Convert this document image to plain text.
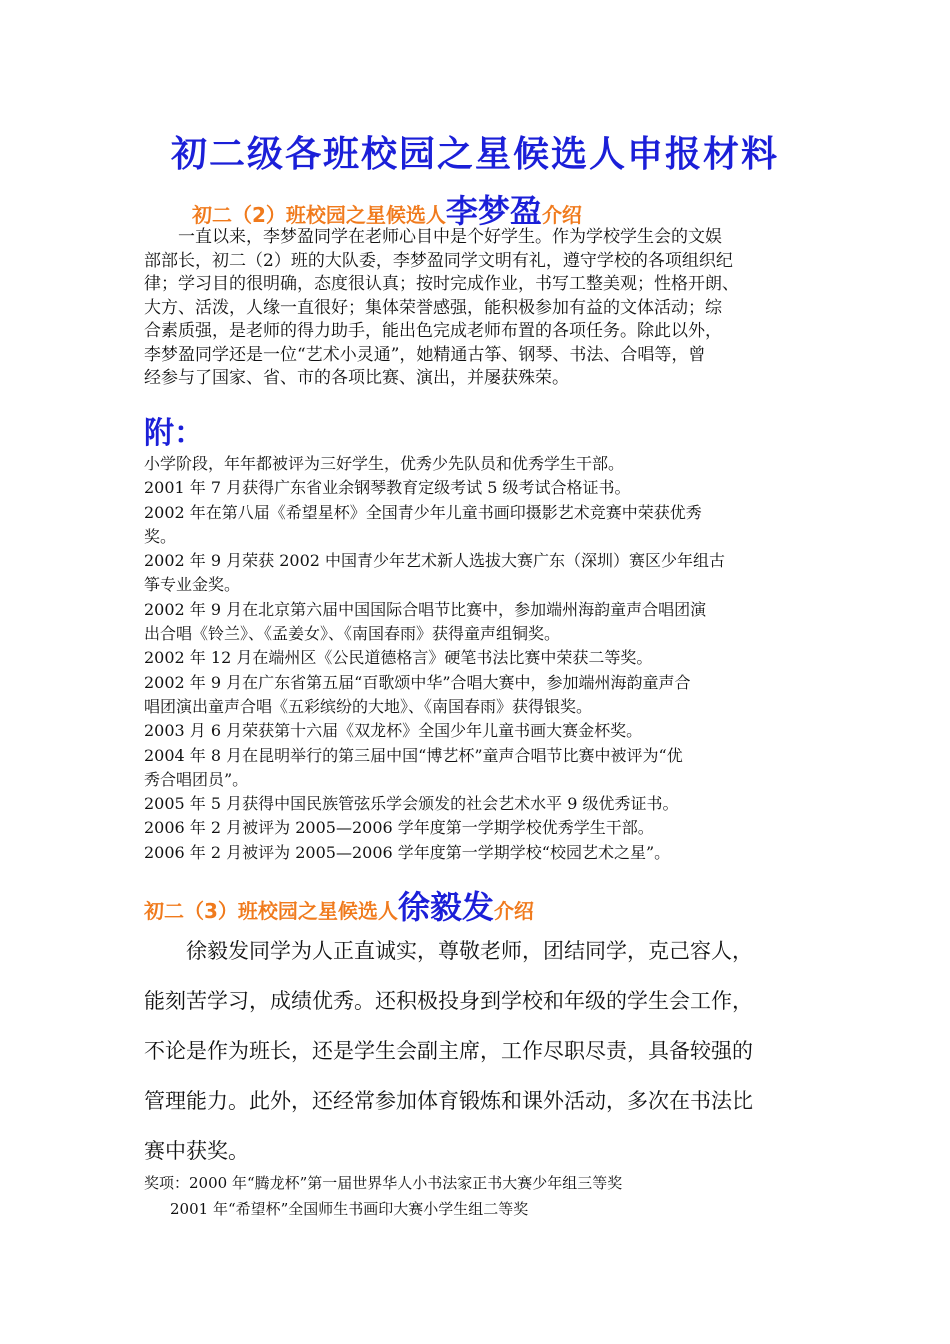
初二级各班校园之星候选人申报材料
初二（2）班校园之星候选人李梦盈介绍
　　一直以来，李梦盈同学在老师心目中是个好学生。作为学校学生会的文娱
部部长，初二（2）班的大队委，李梦盈同学文明有礼，遵守学校的各项组织纪
律；学习目的很明确，态度很认真；按时完成作业，书写工整美观；性格开朗、
大方、活泼，人缘一直很好；集体荣誉感强，能积极参加有益的文体活动；综
合素质强，是老师的得力助手，能出色完成老师布置的各项任务。除此以外，
李梦盈同学还是一位“艺术小灵通”，她精通古筝、钢琴、书法、合唱等，曾
经参与了国家、省、市的各项比赛、演出，并屡获殊荣。
附：
小学阶段，年年都被评为三好学生，优秀少先队员和优秀学生干部。
2001 年 7 月获得广东省业余钢琴教育定级考试 5 级考试合格证书。
2002 年在第八届《希望星杯》全国青少年儿童书画印摄影艺术竞赛中荣获优秀
奖。
2002 年 9 月荣获 2002 中国青少年艺术新人选拔大赛广东（深圳）赛区少年组古
筝专业金奖。
2002 年 9 月在北京第六届中国国际合唱节比赛中，参加端州海韵童声合唱团演
出合唱《铃兰》、《孟姜女》、《南国春雨》获得童声组铜奖。
2002 年 12 月在端州区《公民道德格言》硬笔书法比赛中荣获二等奖。
2002 年 9 月在广东省第五届“百歌颂中华”合唱大赛中，参加端州海韵童声合
唱团演出童声合唱《五彩缤纷的大地》、《南国春雨》获得银奖。
2003 月 6 月荣获第十六届《双龙杯》全国少年儿童书画大赛金杯奖。
2004 年 8 月在昆明举行的第三届中国“博艺杯”童声合唱节比赛中被评为“优
秀合唱团员”。
2005 年 5 月获得中国民族管弦乐学会颁发的社会艺术水平 9 级优秀证书。
2006 年 2 月被评为 2005—2006 学年度第一学期学校优秀学生干部。
2006 年 2 月被评为 2005—2006 学年度第一学期学校“校园艺术之星”。
初二（3）班校园之星候选人徐毅发介绍
　　徐毅发同学为人正直诚实，尊敬老师，团结同学，克己容人，
能刻苦学习，成绩优秀。还积极投身到学校和年级的学生会工作，
不论是作为班长，还是学生会副主席，工作尽职尽责，具备较强的
管理能力。此外，还经常参加体育锻炼和课外活动，多次在书法比
赛中获奖。
奖项：2000 年“腾龙杯”第一届世界华人小书法家正书大赛少年组三等奖
2001 年“希望杯”全国师生书画印大赛小学生组二等奖
